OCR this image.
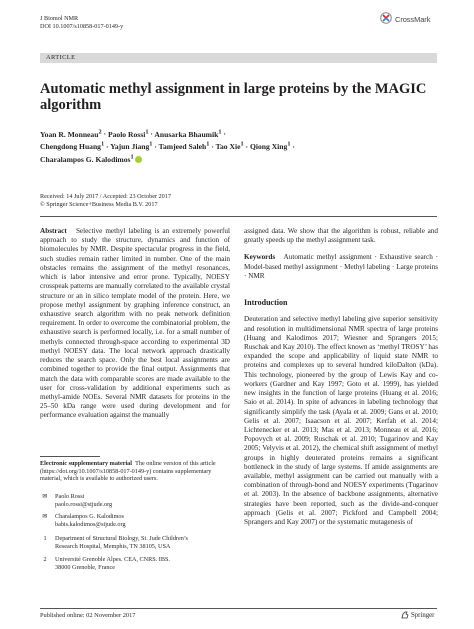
J Biomol NMR
DOI 10.1007/s10858-017-0149-y
CrossMark
ARTICLE
Automatic methyl assignment in large proteins by the MAGIC algorithm
Yoan R. Monneau$^2$ · Paolo Rossi$^1$ · Anusarka Bhaumik$^1$ ·
Chengdong Huang$^1$ · Yajun Jiang$^1$ · Tamjeed Saleh$^1$ · Tao Xie$^1$ · Qiong Xing$^1$ ·
Charalampos G. Kalodimos$^1$
Received: 14 July 2017 / Accepted: 23 October 2017
© Springer Science+Business Media B.V. 2017

Abstract Selective methyl labeling is an extremely powerful approach to study the structure, dynamics and function of biomolecules by NMR. Despite spectacular progress in the field, such studies remain rather limited in number. One of the main obstacles remains the assignment of the methyl resonances, which is labor intensive and error prone. Typically, NOESY crosspeak patterns are manually correlated to the available crystal structure or an in silico template model of the protein. Here, we propose methyl assignment by graphing inference construct, an exhaustive search algorithm with no peak network definition requirement. In order to overcome the combinatorial problem, the exhaustive search is performed locally, i.e. for a small number of methyls connected through-space according to experimental 3D methyl NOESY data. The local network approach drastically reduces the search space. Only the best local assignments are combined together to provide the final output. Assignments that match the data with comparable scores are made available to the user for cross-validation by additional experiments such as methyl-amide NOEs. Several NMR datasets for proteins in the 25–50 kDa range were used during development and for performance evaluation against the manually

Electronic supplementary material The online version of this article (https://doi.org/10.1007/s10858-017-0149-y) contains supplementary material, which is available to authorized users.
✉	Paolo Rossi
paolo.rossi@stjude.org
✉	Charalampos G. Kalodimos
babis.kalodimos@stjude.org
1	Department of Structural Biology, St. Jude Children’s
Research Hospital, Memphis, TN 38105, USA
2	Université Grenoble Alpes. CEA, CNRS. IBS.
38000 Grenoble, France

assigned data. We show that the algorithm is robust, reliable and greatly speeds up the methyl assignment task.

Keywords Automatic methyl assignment · Exhaustive search · Model-based methyl assignment · Methyl labeling · Large proteins · NMR

Introduction

Deuteration and selective methyl labeling give superior sensitivity and resolution in multidimensional NMR spectra of large proteins (Huang and Kalodimos 2017; Wiesner and Sprangers 2015; Ruschak and Kay 2010). The effect known as ‘methyl TROSY’ has expanded the scope and applicability of liquid state NMR to proteins and complexes up to several hundred kiloDalton (kDa). This technology, pioneered by the group of Lewis Kay and co-workers (Gardner and Kay 1997; Goto et al. 1999), has yielded new insights in the function of large proteins (Huang et al. 2016; Saio et al. 2014). In spite of advances in labeling technology that significantly simplify the task (Ayala et al. 2009; Gans et al. 2010; Gelis et al. 2007; Isaacson et al. 2007; Kerfah et al. 2014; Lichtenecker et al. 2013; Mas et al. 2013; Monneau et al. 2016; Popovych et al. 2009; Ruschak et al. 2010; Tugarinov and Kay 2005; Velyvis et al. 2012), the chemical shift assignment of methyl groups in highly deuterated proteins remains a significant bottleneck in the study of large systems. If amide assignments are available, methyl assignment can be carried out manually with a combination of through-bond and NOESY experiments (Tugarinov et al. 2003). In the absence of backbone assignments, alternative strategies have been reported, such as the divide-and-conquer approach (Gelis et al. 2007; Pickford and Campbell 2004; Sprangers and Kay 2007) or the systematic mutagenesis of

Published online: 02 November 2017	Springer
